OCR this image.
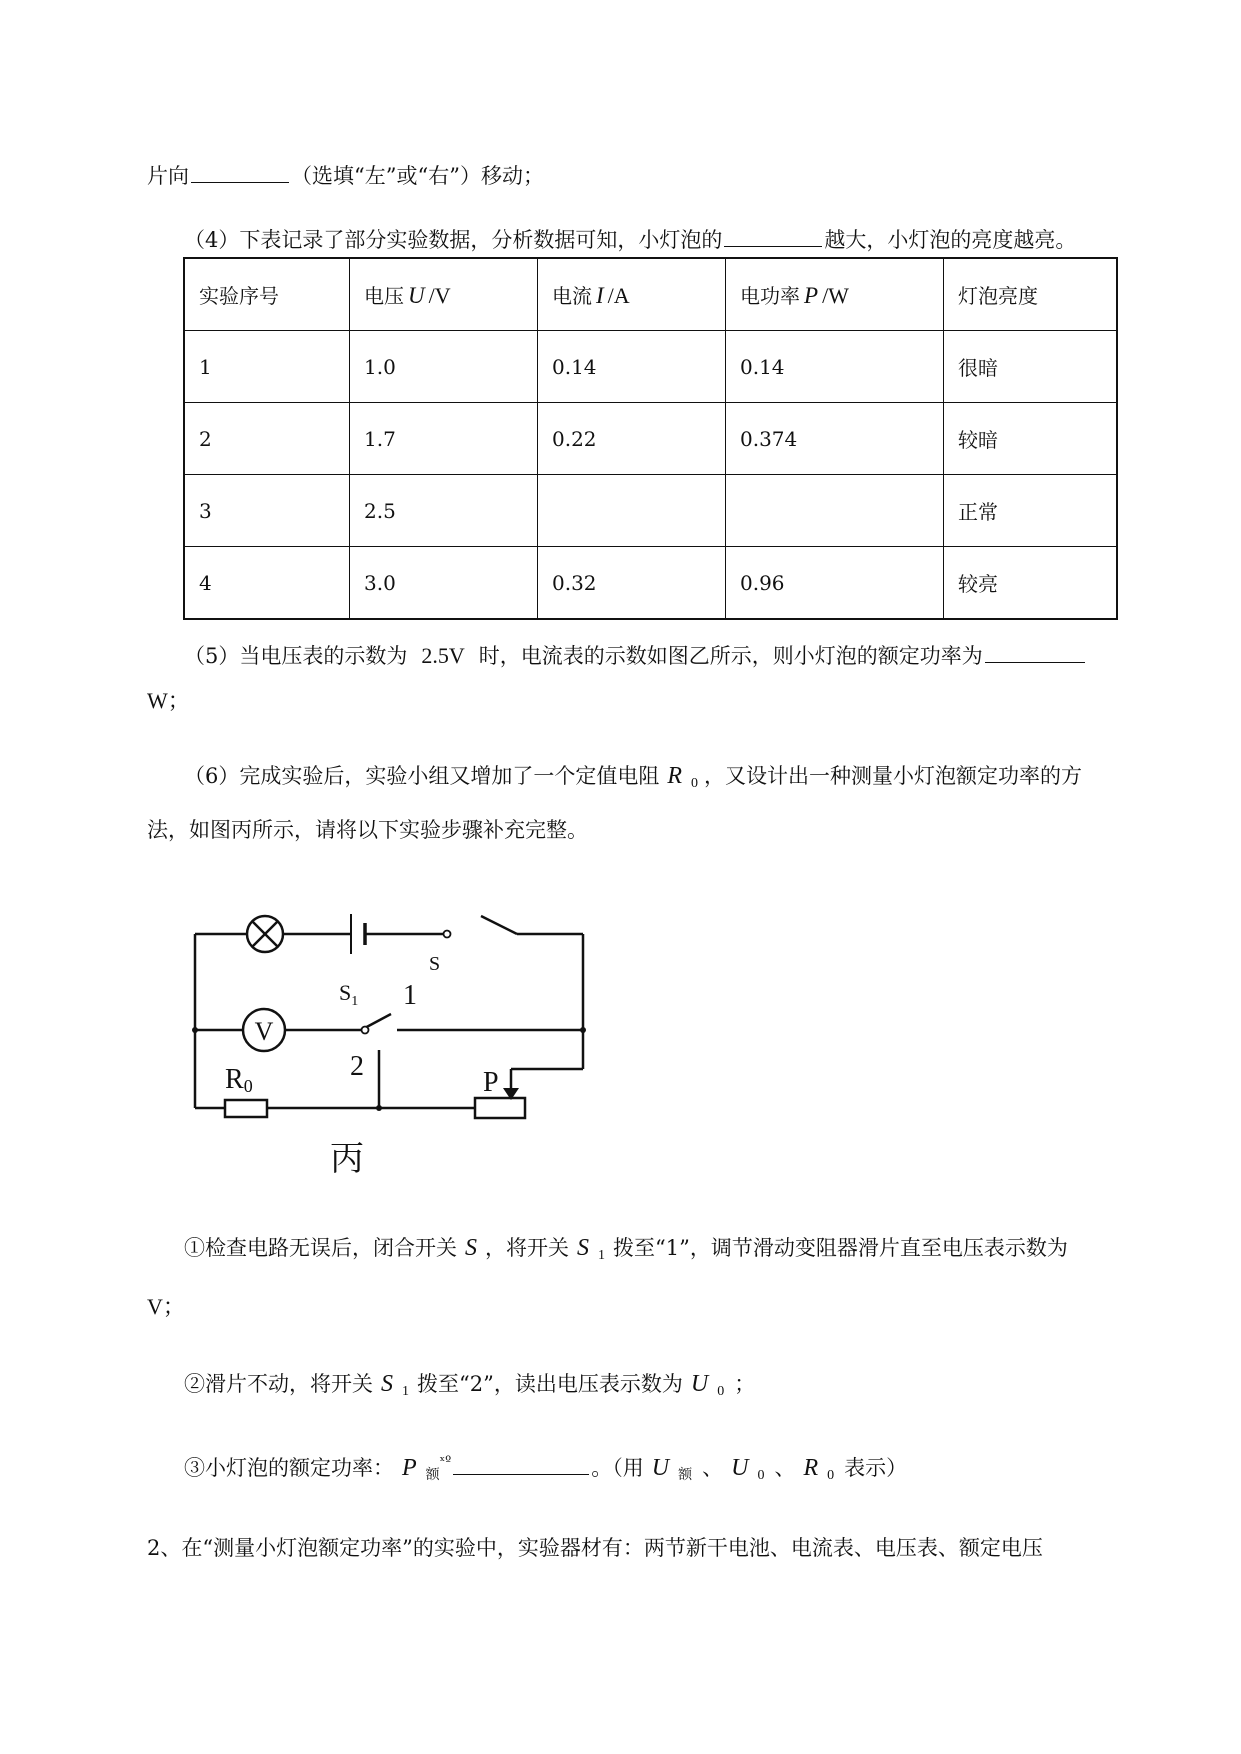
片向	（选填“左”或“右”）移动；
（4）下表记录了部分实验数据，分析数据可知，小灯泡的	越大，小灯泡的亮度越亮。
实验序号	电压 U /V	电流 I /A	电功率 P /W	灯泡亮度
1	1.0	0.14	0.14	很暗
2	1.7	0.22	0.374	较暗
3	2.5			正常
4	3.0	0.32	0.96	较亮
（5）当电压表的示数为 2.5V 时，电流表的示数如图乙所示，则小灯泡的额定功率为
W；
（6）完成实验后，实验小组又增加了一个定值电阻 R $_0$ ，又设计出一种测量小灯泡额定功率的方
法，如图丙所示，请将以下实验步骤补充完整。
S
$S_1$ 1
2
V
R0	P
丙
①检查电路无误后，闭合开关 S ，将开关 S $_1$ 拨至“1”，调节滑动变阻器滑片直至电压表示数为
V；
②滑片不动，将开关 S $_1$ 拨至“2”，读出电压表示数为 U $_0$ ；
③小灯泡的额定功率： P $_额^{ˣº}$	。（用 U $_额$ 、 U $_0$ 、 R $_0$ 表示）
2、在“测量小灯泡额定功率”的实验中，实验器材有：两节新干电池、电流表、电压表、额定电压
